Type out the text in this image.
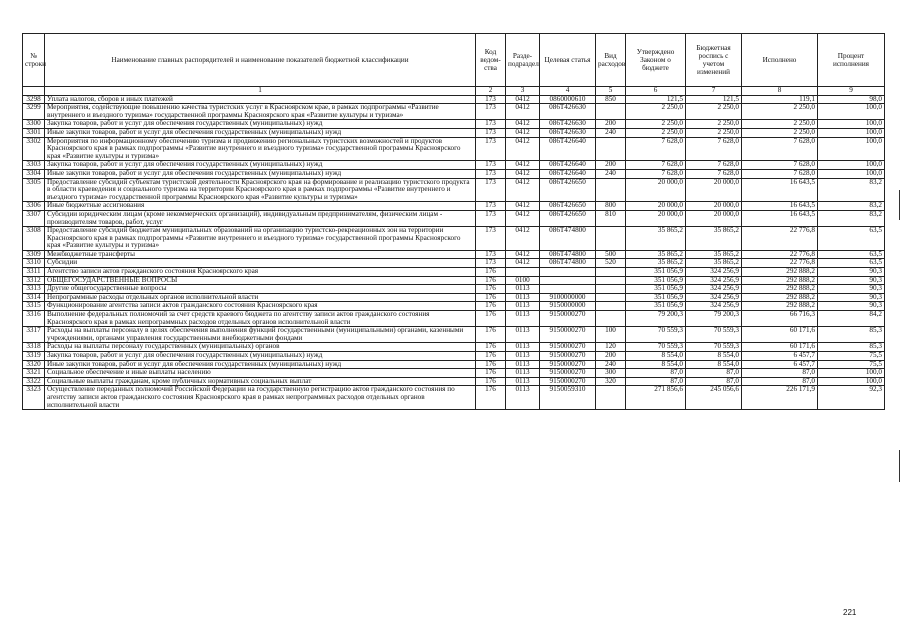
№ строки	Наименование главных распорядителей и наименование показателей бюджетной классификации	Код ведом-ства	Разде-подраздел	Целевая статья	Вид расходов	Утверждено Законом о бюджете	Бюджетная роспись с учетом изменений	Исполнено	Процент исполнения
	1	2	3	4	5	6	7	8	9
3298	Уплата налогов, сборов и иных платежей	173	0412	0860000610	850	121,5	121,5	119,1	98,0
3299	Мероприятия, содействующие повышению качества туристских услуг в Красноярском крае, в рамках подпрограммы «Развитие внутреннего и въездного туризма» государственной программы Красноярского края «Развитие культуры и туризма»	173	0412	086Т426630		2 250,0	2 250,0	2 250,0	100,0
3300	Закупка товаров, работ и услуг для обеспечения государственных (муниципальных) нужд	173	0412	086Т426630	200	2 250,0	2 250,0	2 250,0	100,0
3301	Иные закупки товаров, работ и услуг для обеспечения государственных (муниципальных) нужд	173	0412	086Т426630	240	2 250,0	2 250,0	2 250,0	100,0
3302	Мероприятия по информационному обеспечению туризма и продвижению региональных туристских возможностей и продуктов Красноярского края в рамках подпрограммы «Развитие внутреннего и въездного туризма» государственной программы Красноярского края «Развитие культуры и туризма»	173	0412	086Т426640		7 628,0	7 628,0	7 628,0	100,0
3303	Закупка товаров, работ и услуг для обеспечения государственных (муниципальных) нужд	173	0412	086Т426640	200	7 628,0	7 628,0	7 628,0	100,0
3304	Иные закупки товаров, работ и услуг для обеспечения государственных (муниципальных) нужд	173	0412	086Т426640	240	7 628,0	7 628,0	7 628,0	100,0
3305	Предоставление субсидий субъектам туристской деятельности Красноярского края на формирование и реализацию туристского продукта в области краеведения и социального туризма на территории Красноярского края в рамках подпрограммы «Развитие внутреннего и въездного туризма» государственной программы Красноярского края «Развитие культуры и туризма»	173	0412	086Т426650		20 000,0	20 000,0	16 643,5	83,2
3306	Иные бюджетные ассигнования	173	0412	086Т426650	800	20 000,0	20 000,0	16 643,5	83,2
3307	Субсидии юридическим лицам (кроме некоммерческих организаций), индивидуальным предпринимателям, физическим лицам - производителям товаров, работ, услуг	173	0412	086Т426650	810	20 000,0	20 000,0	16 643,5	83,2
3308	Предоставление субсидий бюджетам муниципальных образований на организацию туристско-рекреационных зон на территории Красноярского края в рамках подпрограммы «Развитие внутреннего и въездного туризма» государственной программы Красноярского края «Развитие культуры и туризма»	173	0412	086Т474800		35 865,2	35 865,2	22 776,8	63,5
3309	Межбюджетные трансферты	173	0412	086Т474800	500	35 865,2	35 865,2	22 776,8	63,5
3310	Субсидии	173	0412	086Т474800	520	35 865,2	35 865,2	22 776,8	63,5
3311	Агентство записи актов гражданского состояния Красноярского края	176				351 056,9	324 256,9	292 888,2	90,3
3312	ОБЩЕГОСУДАРСТВЕННЫЕ ВОПРОСЫ	176	0100			351 056,9	324 256,9	292 888,2	90,3
3313	Другие общегосударственные вопросы	176	0113			351 056,9	324 256,9	292 888,2	90,3
3314	Непрограммные расходы отдельных органов исполнительной власти	176	0113	9100000000		351 056,9	324 256,9	292 888,2	90,3
3315	Функционирование агентства записи актов гражданского состояния Красноярского края	176	0113	9150000000		351 056,9	324 256,9	292 888,2	90,3
3316	Выполнение федеральных полномочий за счет средств краевого бюджета по агентству записи актов гражданского состояния Красноярского края в рамках непрограммных расходов отдельных органов исполнительной власти	176	0113	9150000270		79 200,3	79 200,3	66 716,3	84,2
3317	Расходы на выплаты персоналу в целях обеспечения выполнения функций государственными (муниципальными) органами, казенными учреждениями, органами управления государственными внебюджетными фондами	176	0113	9150000270	100	70 559,3	70 559,3	60 171,6	85,3
3318	Расходы на выплаты персоналу государственных (муниципальных) органов	176	0113	9150000270	120	70 559,3	70 559,3	60 171,6	85,3
3319	Закупка товаров, работ и услуг для обеспечения государственных (муниципальных) нужд	176	0113	9150000270	200	8 554,0	8 554,0	6 457,7	75,5
3320	Иные закупки товаров, работ и услуг для обеспечения государственных (муниципальных) нужд	176	0113	9150000270	240	8 554,0	8 554,0	6 457,7	75,5
3321	Социальное обеспечение и иные выплаты населению	176	0113	9150000270	300	87,0	87,0	87,0	100,0
3322	Социальные выплаты гражданам, кроме публичных нормативных социальных выплат	176	0113	9150000270	320	87,0	87,0	87,0	100,0
3323	Осуществление переданных полномочий Российской Федерации на государственную регистрацию актов гражданского состояния по агентству записи актов гражданского состояния Красноярского края в рамках непрограммных расходов отдельных органов исполнительной власти	176	0113	9150059310		271 856,6	245 056,6	226 171,9	92,3
221
